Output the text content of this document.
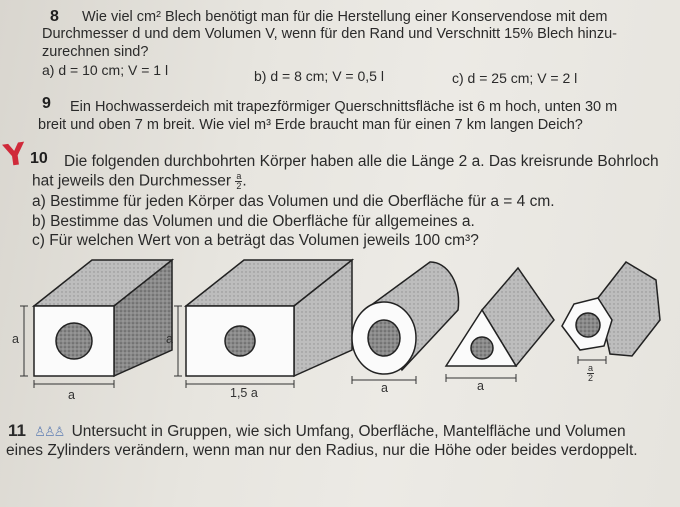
8 Wie viel cm² Blech benötigt man für die Herstellung einer Konservendose mit dem
Durchmesser d und dem Volumen V, wenn für den Rand und Verschnitt 15% Blech hinzu-
zurechnen sind?
a) d = 10 cm; V = 1 l	b) d = 8 cm; V = 0,5 l	c) d = 25 cm; V = 2 l
9 Ein Hochwasserdeich mit trapezförmiger Querschnittsfläche ist 6 m hoch, unten 30 m
breit und oben 7 m breit. Wie viel m³ Erde braucht man für einen 7 km langen Deich?
Y 10 Die folgenden durchbohrten Körper haben alle die Länge 2 a. Das kreisrunde Bohrloch
hat jeweils den Durchmesser $\frac{a}{2}$.
a) Bestimme für jeden Körper das Volumen und die Oberfläche für a = 4 cm.
b) Bestimme das Volumen und die Oberfläche für allgemeines a.
c) Für welchen Wert von a beträgt das Volumen jeweils 100 cm³?
a
a
a
1,5 a	a	a
$\frac{a}{2}$
11 ♙♙♙ Untersucht in Gruppen, wie sich Umfang, Oberfläche, Mantelfläche und Volumen
eines Zylinders verändern, wenn man nur den Radius, nur die Höhe oder beides verdoppelt.
